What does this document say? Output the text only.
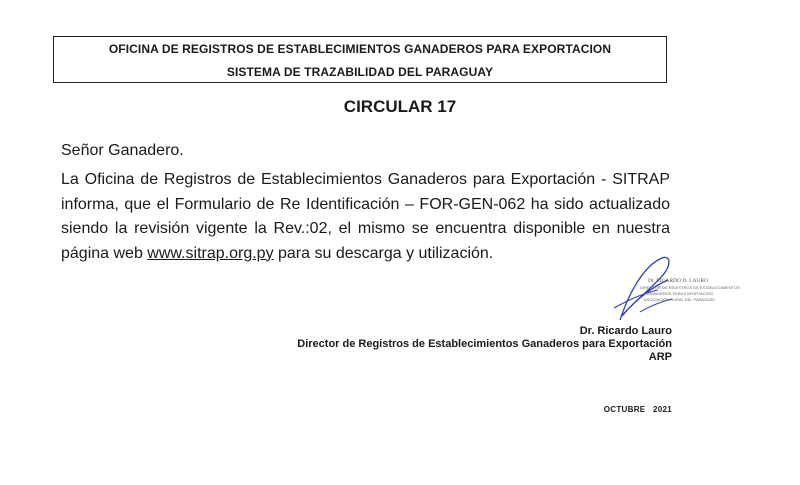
OFICINA DE REGISTROS DE ESTABLECIMIENTOS GANADEROS PARA EXPORTACION
SISTEMA DE TRAZABILIDAD DEL PARAGUAY
CIRCULAR 17
Señor Ganadero.
La Oficina de Registros de Establecimientos Ganaderos para Exportación - SITRAP informa, que el Formulario de Re Identificación – FOR-GEN-062 ha sido actualizado siendo la revisión vigente la Rev.:02, el mismo se encuentra disponible en nuestra página web www.sitrap.org.py para su descarga y utilización.
Dr. RICARDO D. LAURO
DIRECTOR DE REGISTROS DE ESTABLECIMIENTOS
GANADEROS PARA EXPORTACION
ASOCIACION RURAL DEL PARAGUAY
Dr. Ricardo Lauro
Director de Registros de Establecimientos Ganaderos para Exportación
ARP
OCTUBRE   2021
